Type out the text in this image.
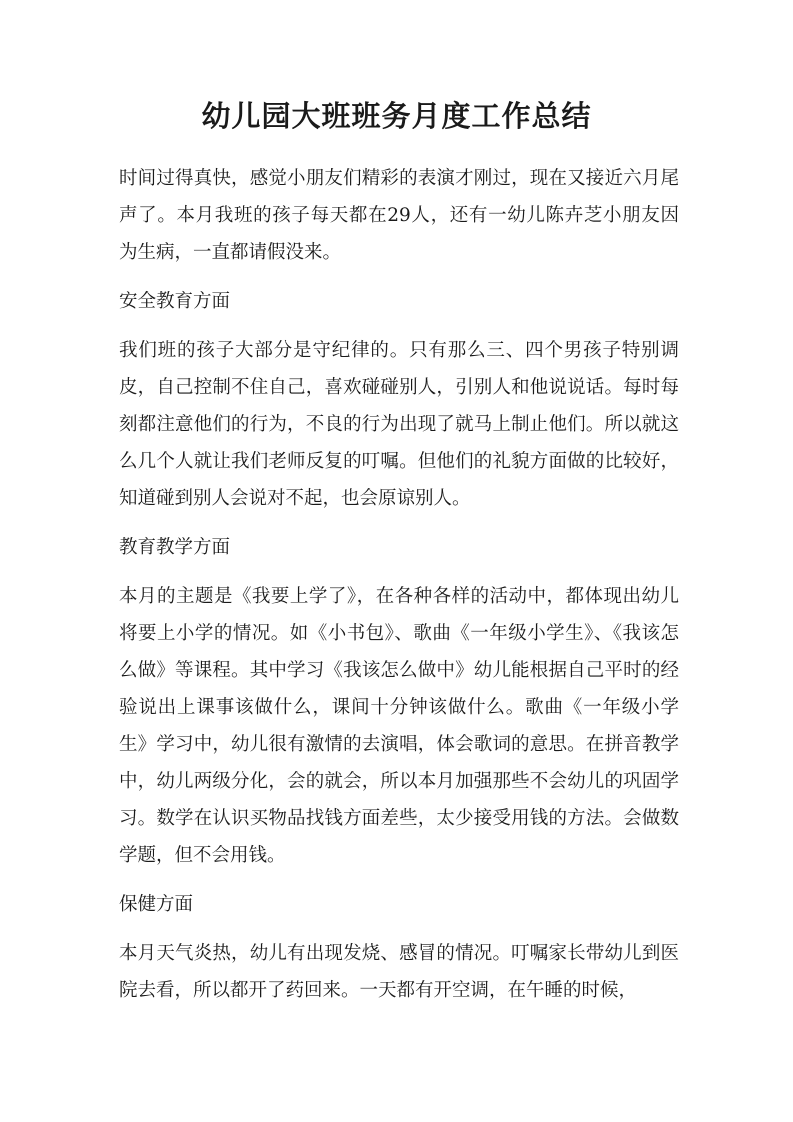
幼儿园大班班务月度工作总结

时间过得真快，感觉小朋友们精彩的表演才刚过，现在又接近六月尾声了。本月我班的孩子每天都在29人，还有一幼儿陈卉芝小朋友因为生病，一直都请假没来。

安全教育方面

我们班的孩子大部分是守纪律的。只有那么三、四个男孩子特别调皮，自己控制不住自己，喜欢碰碰别人，引别人和他说说话。每时每刻都注意他们的行为，不良的行为出现了就马上制止他们。所以就这么几个人就让我们老师反复的叮嘱。但他们的礼貌方面做的比较好，知道碰到别人会说对不起，也会原谅别人。

教育教学方面

本月的主题是《我要上学了》，在各种各样的活动中，都体现出幼儿将要上小学的情况。如《小书包》、歌曲《一年级小学生》、《我该怎么做》等课程。其中学习《我该怎么做中》幼儿能根据自己平时的经验说出上课事该做什么，课间十分钟该做什么。歌曲《一年级小学生》学习中，幼儿很有激情的去演唱，体会歌词的意思。在拼音教学中，幼儿两级分化，会的就会，所以本月加强那些不会幼儿的巩固学习。数学在认识买物品找钱方面差些，太少接受用钱的方法。会做数学题，但不会用钱。

保健方面

本月天气炎热，幼儿有出现发烧、感冒的情况。叮嘱家长带幼儿到医院去看，所以都开了药回来。一天都有开空调，在午睡的时候，
